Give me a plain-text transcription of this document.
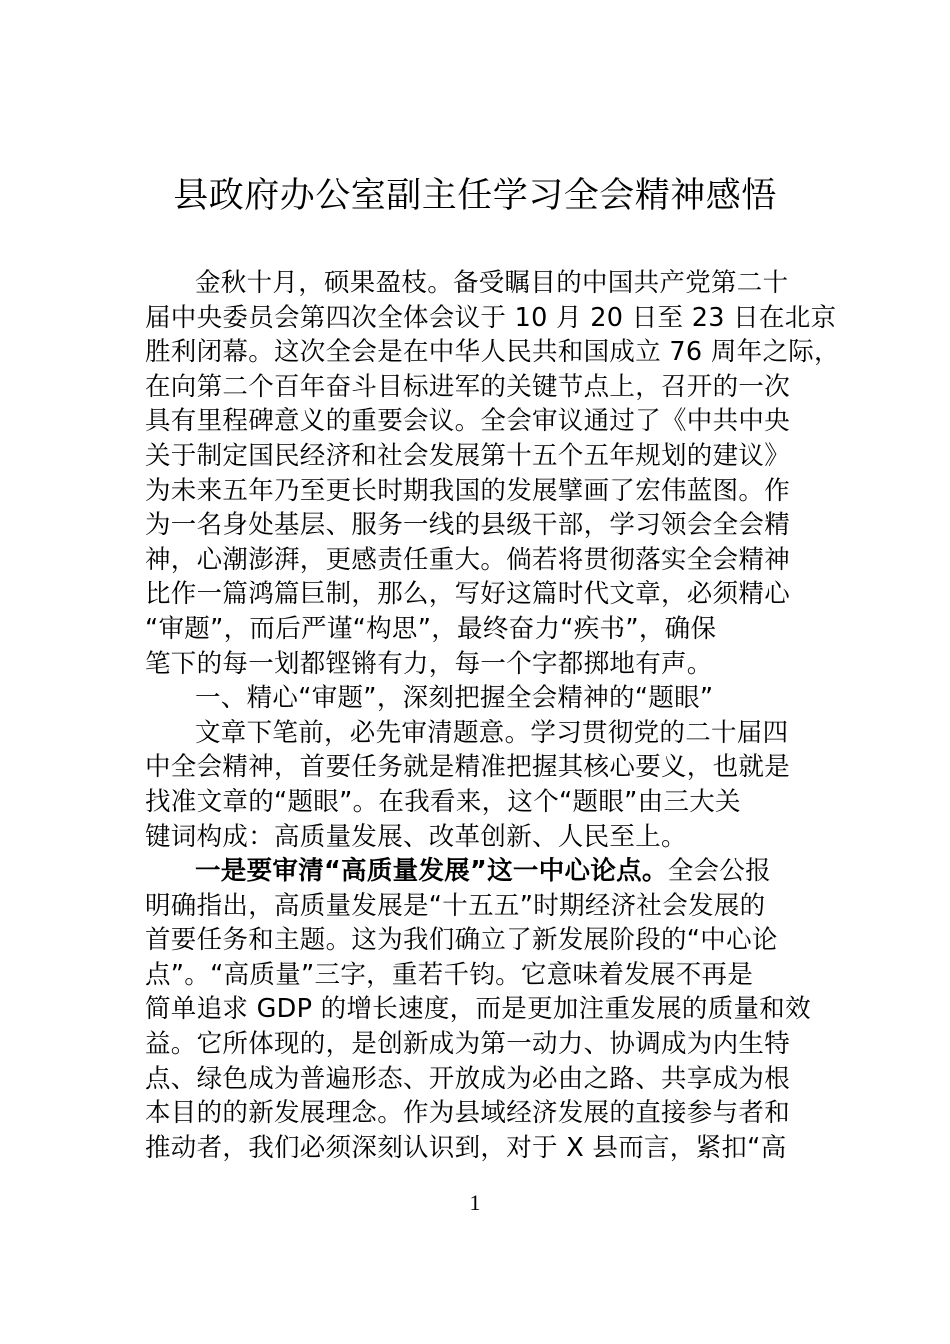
县政府办公室副主任学习全会精神感悟
金秋十月，硕果盈枝。备受瞩目的中国共产党第二十
届中央委员会第四次全体会议于 10 月 20 日至 23 日在北京
胜利闭幕。这次全会是在中华人民共和国成立 76 周年之际，
在向第二个百年奋斗目标进军的关键节点上，召开的一次
具有里程碑意义的重要会议。全会审议通过了《中共中央
关于制定国民经济和社会发展第十五个五年规划的建议》
为未来五年乃至更长时期我国的发展擘画了宏伟蓝图。作
为一名身处基层、服务一线的县级干部，学习领会全会精
神，心潮澎湃，更感责任重大。倘若将贯彻落实全会精神
比作一篇鸿篇巨制，那么，写好这篇时代文章，必须精心
“审题”，而后严谨“构思”，最终奋力“疾书”，确保
笔下的每一划都铿锵有力，每一个字都掷地有声。
一、精心“审题”，深刻把握全会精神的“题眼”
文章下笔前，必先审清题意。学习贯彻党的二十届四
中全会精神，首要任务就是精准把握其核心要义，也就是
找准文章的“题眼”。在我看来，这个“题眼”由三大关
键词构成：高质量发展、改革创新、人民至上。
一是要审清“高质量发展”这一中心论点。全会公报
明确指出，高质量发展是“十五五”时期经济社会发展的
首要任务和主题。这为我们确立了新发展阶段的“中心论
点”。“高质量”三字，重若千钧。它意味着发展不再是
简单追求 GDP 的增长速度，而是更加注重发展的质量和效
益。它所体现的，是创新成为第一动力、协调成为内生特
点、绿色成为普遍形态、开放成为必由之路、共享成为根
本目的的新发展理念。作为县域经济发展的直接参与者和
推动者，我们必须深刻认识到，对于 X 县而言，紧扣“高
1
